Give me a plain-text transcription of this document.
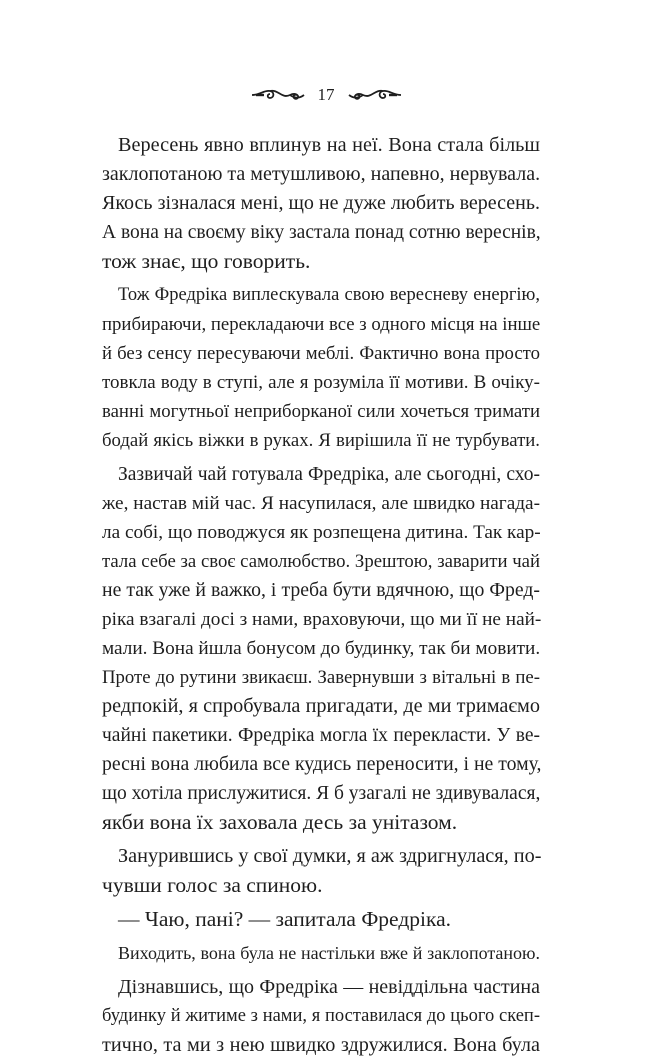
17
Вересень явно вплинув на неї. Вона стала більш
заклопотаною та метушливою, напевно, нервувала.
Якось зізналася мені, що не дуже любить вересень.
А вона на своєму віку застала понад сотню вереснів,
тож знає, що говорить.
Тож Фредріка виплескувала свою вересневу енергію,
прибираючи, перекладаючи все з одного місця на інше
й без сенсу пересуваючи меблі. Фактично вона просто
товкла воду в ступі, але я розуміла її мотиви. В очіку-
ванні могутньої неприборканої сили хочеться тримати
бодай якісь віжки в руках. Я вирішила її не турбувати.
Зазвичай чай готувала Фредріка, але сьогодні, схо-
же, настав мій час. Я насупилася, але швидко нагада-
ла собі, що поводжуся як розпещена дитина. Так кар-
тала себе за своє самолюбство. Зрештою, заварити чай
не так уже й важко, і треба бути вдячною, що Фред-
ріка взагалі досі з нами, враховуючи, що ми її не най-
мали. Вона йшла бонусом до будинку, так би мовити.
Проте до рутини звикаєш. Завернувши з вітальні в пе-
редпокій, я спробувала пригадати, де ми тримаємо
чайні пакетики. Фредріка могла їх перекласти. У ве-
ресні вона любила все кудись переносити, і не тому,
що хотіла прислужитися. Я б узагалі не здивувалася,
якби вона їх заховала десь за унітазом.
Занурившись у свої думки, я аж здригнулася, по-
чувши голос за спиною.
— Чаю, пані? — запитала Фредріка.
Виходить, вона була не настільки вже й заклопотаною.
Дізнавшись, що Фредріка — невіддільна частина
будинку й житиме з нами, я поставилася до цього скеп-
тично, та ми з нею швидко здружилися. Вона була
